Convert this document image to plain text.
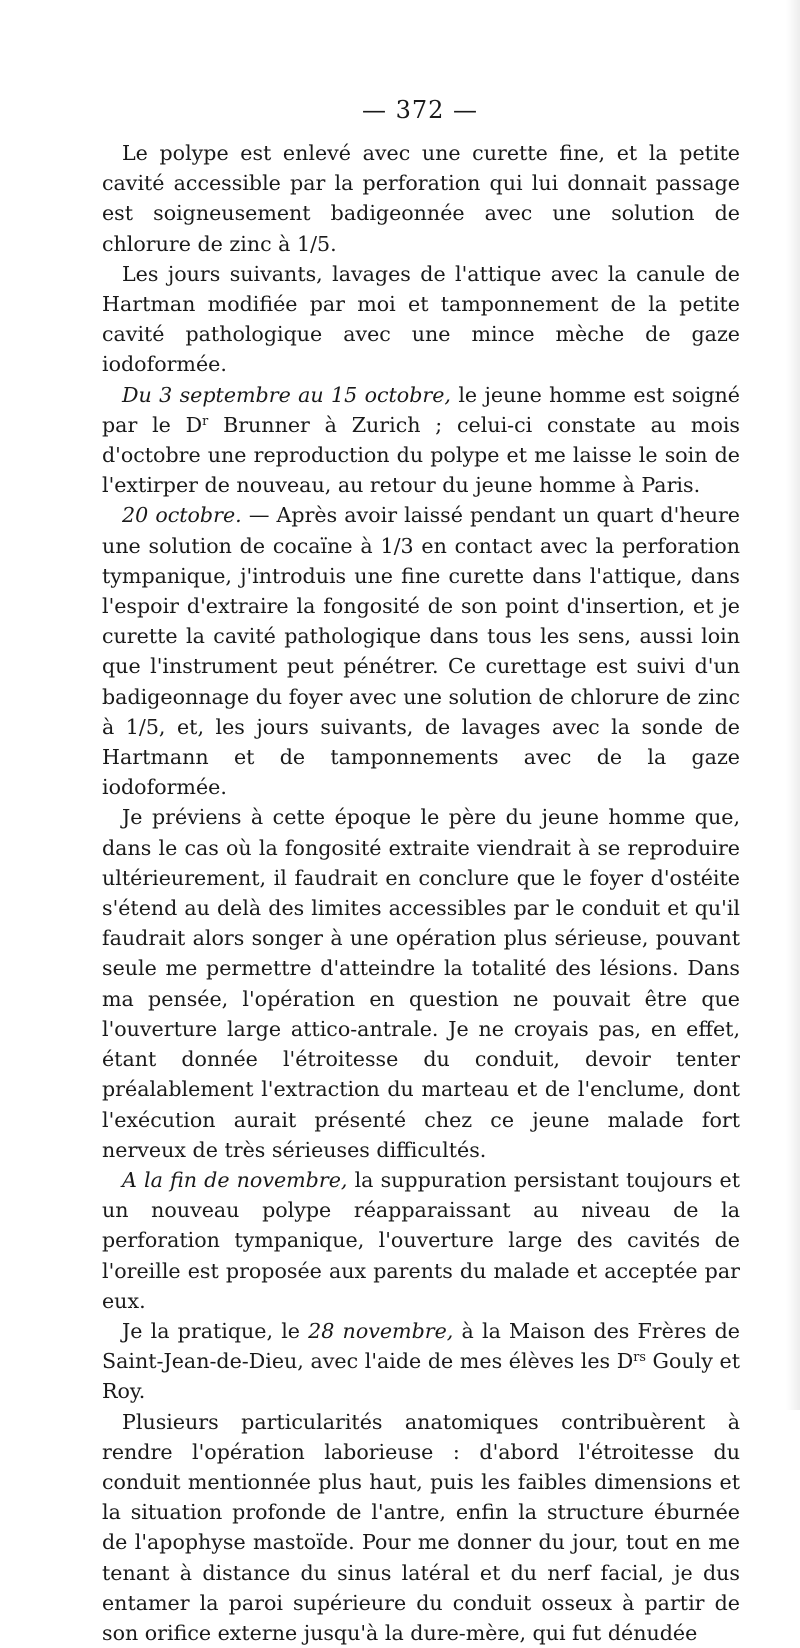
— 372 —

Le polype est enlevé avec une curette fine, et la petite cavité accessible par la perforation qui lui donnait passage est soigneusement badigeonnée avec une solution de chlorure de zinc à 1/5.

Les jours suivants, lavages de l'attique avec la canule de Hartman modifiée par moi et tamponnement de la petite cavité pathologique avec une mince mèche de gaze iodoformée.

Du 3 septembre au 15 octobre, le jeune homme est soigné par le $D^r$ Brunner à Zurich ; celui-ci constate au mois d'octobre une reproduction du polype et me laisse le soin de l'extirper de nouveau, au retour du jeune homme à Paris.

20 octobre. — Après avoir laissé pendant un quart d'heure une solution de cocaïne à 1/3 en contact avec la perforation tympanique, j'introduis une fine curette dans l'attique, dans l'espoir d'extraire la fongosité de son point d'insertion, et je curette la cavité pathologique dans tous les sens, aussi loin que l'instrument peut pénétrer. Ce curettage est suivi d'un badigeonnage du foyer avec une solution de chlorure de zinc à 1/5, et, les jours suivants, de lavages avec la sonde de Hartmann et de tamponnements avec de la gaze iodoformée.

Je préviens à cette époque le père du jeune homme que, dans le cas où la fongosité extraite viendrait à se reproduire ultérieurement, il faudrait en conclure que le foyer d'ostéite s'étend au delà des limites accessibles par le conduit et qu'il faudrait alors songer à une opération plus sérieuse, pouvant seule me permettre d'atteindre la totalité des lésions. Dans ma pensée, l'opération en question ne pouvait être que l'ouverture large attico-antrale. Je ne croyais pas, en effet, étant donnée l'étroitesse du conduit, devoir tenter préalablement l'extraction du marteau et de l'enclume, dont l'exécution aurait présenté chez ce jeune malade fort nerveux de très sérieuses difficultés.

A la fin de novembre, la suppuration persistant toujours et un nouveau polype réapparaissant au niveau de la perforation tympanique, l'ouverture large des cavités de l'oreille est proposée aux parents du malade et acceptée par eux.

Je la pratique, le 28 novembre, à la Maison des Frères de Saint-Jean-de-Dieu, avec l'aide de mes élèves les $D^{rs}$ Gouly et Roy.

Plusieurs particularités anatomiques contribuèrent à rendre l'opération laborieuse : d'abord l'étroitesse du conduit mentionnée plus haut, puis les faibles dimensions et la situation profonde de l'antre, enfin la structure éburnée de l'apophyse mastoïde. Pour me donner du jour, tout en me tenant à distance du sinus latéral et du nerf facial, je dus entamer la paroi supérieure du conduit osseux à partir de son orifice externe jusqu'à la dure-mère, qui fut dénudée
